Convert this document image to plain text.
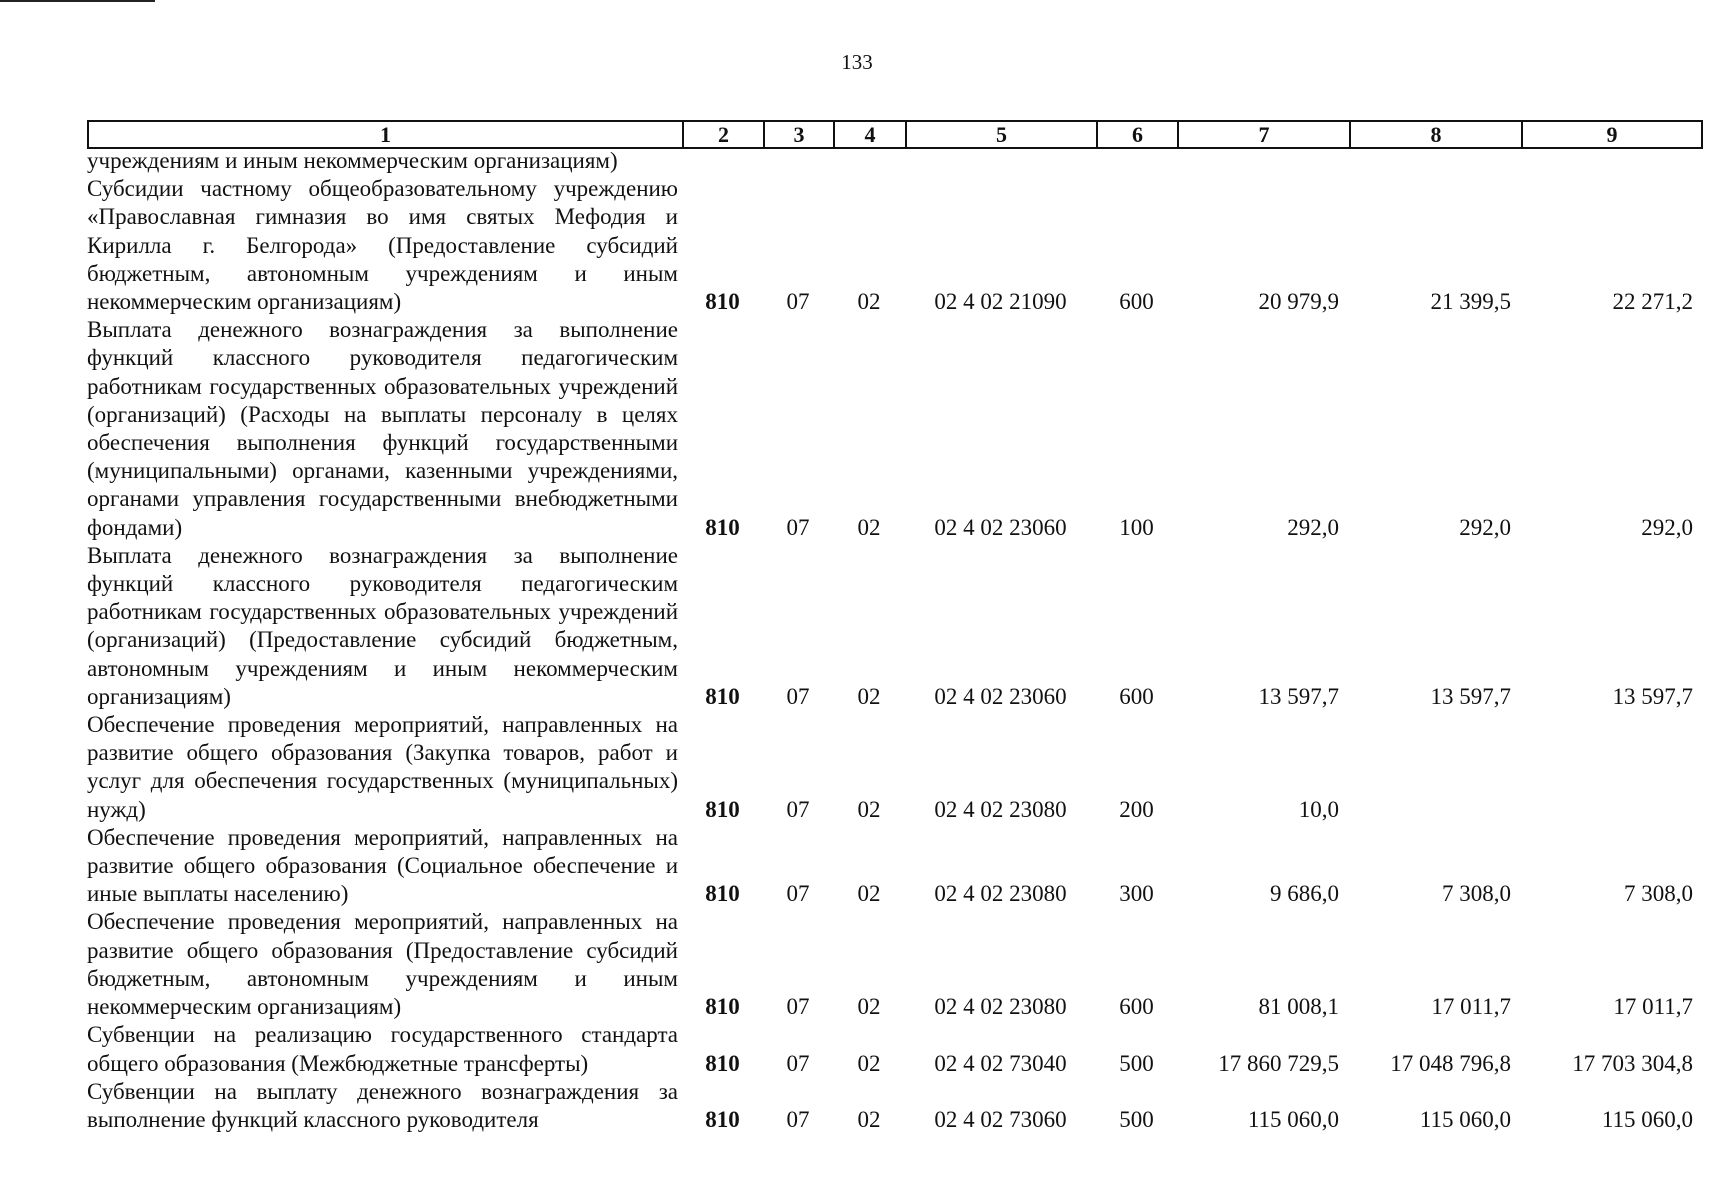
133
1	2	3	4	5	6	7	8	9
учреждениям и иным некоммерческим организациям)								
Субсидии частному общеобразовательному учреждению «Православная гимназия во имя святых Мефодия и Кирилла г. Белгорода» (Предоставление субсидий бюджетным, автономным учреждениям и иным некоммерческим организациям)	810	07	02	02 4 02 21090	600	20 979,9	21 399,5	22 271,2
Выплата денежного вознаграждения за выполнение функций классного руководителя педагогическим работникам государственных образовательных учреждений (организаций) (Расходы на выплаты персоналу в целях обеспечения выполнения функций государственными (муниципальными) органами, казенными учреждениями, органами управления государственными внебюджетными фондами)	810	07	02	02 4 02 23060	100	292,0	292,0	292,0
Выплата денежного вознаграждения за выполнение функций классного руководителя педагогическим работникам государственных образовательных учреждений (организаций) (Предоставление субсидий бюджетным, автономным учреждениям и иным некоммерческим организациям)	810	07	02	02 4 02 23060	600	13 597,7	13 597,7	13 597,7
Обеспечение проведения мероприятий, направленных на развитие общего образования (Закупка товаров, работ и услуг для обеспечения государственных (муниципальных) нужд)	810	07	02	02 4 02 23080	200	10,0		
Обеспечение проведения мероприятий, направленных на развитие общего образования (Социальное обеспечение и иные выплаты населению)	810	07	02	02 4 02 23080	300	9 686,0	7 308,0	7 308,0
Обеспечение проведения мероприятий, направленных на развитие общего образования (Предоставление субсидий бюджетным, автономным учреждениям и иным некоммерческим организациям)	810	07	02	02 4 02 23080	600	81 008,1	17 011,7	17 011,7
Субвенции на реализацию государственного стандарта общего образования (Межбюджетные трансферты)	810	07	02	02 4 02 73040	500	17 860 729,5	17 048 796,8	17 703 304,8
Субвенции на выплату денежного вознаграждения за выполнение функций классного руководителя	810	07	02	02 4 02 73060	500	115 060,0	115 060,0	115 060,0
